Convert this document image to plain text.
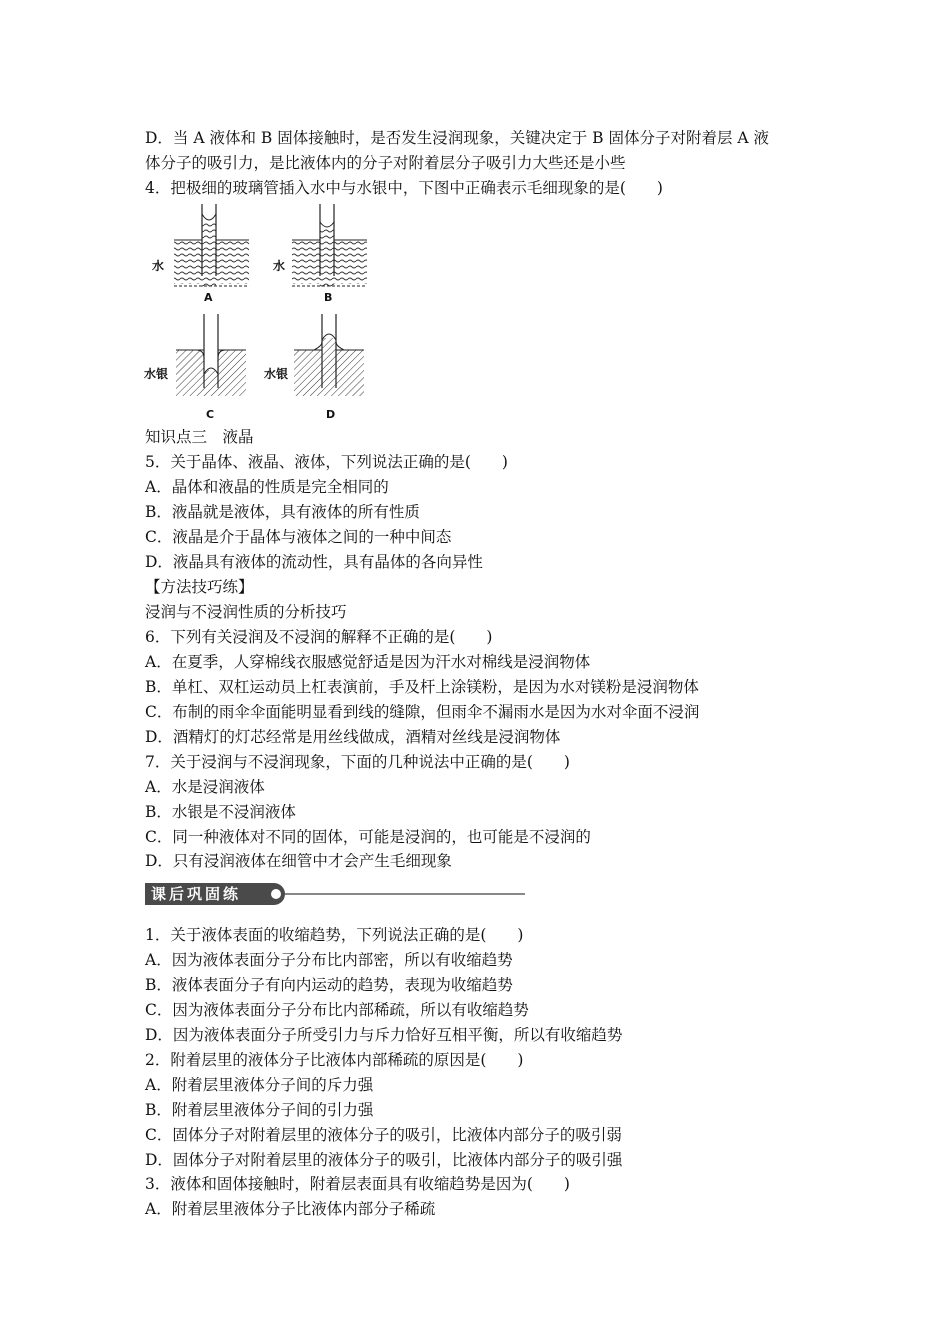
D．当 A 液体和 B 固体接触时，是否发生浸润现象，关键决定于 B 固体分子对附着层 A 液
体分子的吸引力，是比液体内的分子对附着层分子吸引力大些还是小些
4．把极细的玻璃管插入水中与水银中，下图中正确表示毛细现象的是(　　)
水	水
水银	水银
A	B
C	D
知识点三　液晶
5．关于晶体、液晶、液体，下列说法正确的是(　　)
A．晶体和液晶的性质是完全相同的
B．液晶就是液体，具有液体的所有性质
C．液晶是介于晶体与液体之间的一种中间态
D．液晶具有液体的流动性，具有晶体的各向异性
【方法技巧练】
浸润与不浸润性质的分析技巧
6．下列有关浸润及不浸润的解释不正确的是(　　)
A．在夏季，人穿棉线衣服感觉舒适是因为汗水对棉线是浸润物体
B．单杠、双杠运动员上杠表演前，手及杆上涂镁粉，是因为水对镁粉是浸润物体
C．布制的雨伞伞面能明显看到线的缝隙，但雨伞不漏雨水是因为水对伞面不浸润
D．酒精灯的灯芯经常是用丝线做成，酒精对丝线是浸润物体
7．关于浸润与不浸润现象，下面的几种说法中正确的是(　　)
A．水是浸润液体
B．水银是不浸润液体
C．同一种液体对不同的固体，可能是浸润的，也可能是不浸润的
D．只有浸润液体在细管中才会产生毛细现象
课后巩固练
1．关于液体表面的收缩趋势，下列说法正确的是(　　)
A．因为液体表面分子分布比内部密，所以有收缩趋势
B．液体表面分子有向内运动的趋势，表现为收缩趋势
C．因为液体表面分子分布比内部稀疏，所以有收缩趋势
D．因为液体表面分子所受引力与斥力恰好互相平衡，所以有收缩趋势
2．附着层里的液体分子比液体内部稀疏的原因是(　　)
A．附着层里液体分子间的斥力强
B．附着层里液体分子间的引力强
C．固体分子对附着层里的液体分子的吸引，比液体内部分子的吸引弱
D．固体分子对附着层里的液体分子的吸引，比液体内部分子的吸引强
3．液体和固体接触时，附着层表面具有收缩趋势是因为(　　)
A．附着层里液体分子比液体内部分子稀疏
